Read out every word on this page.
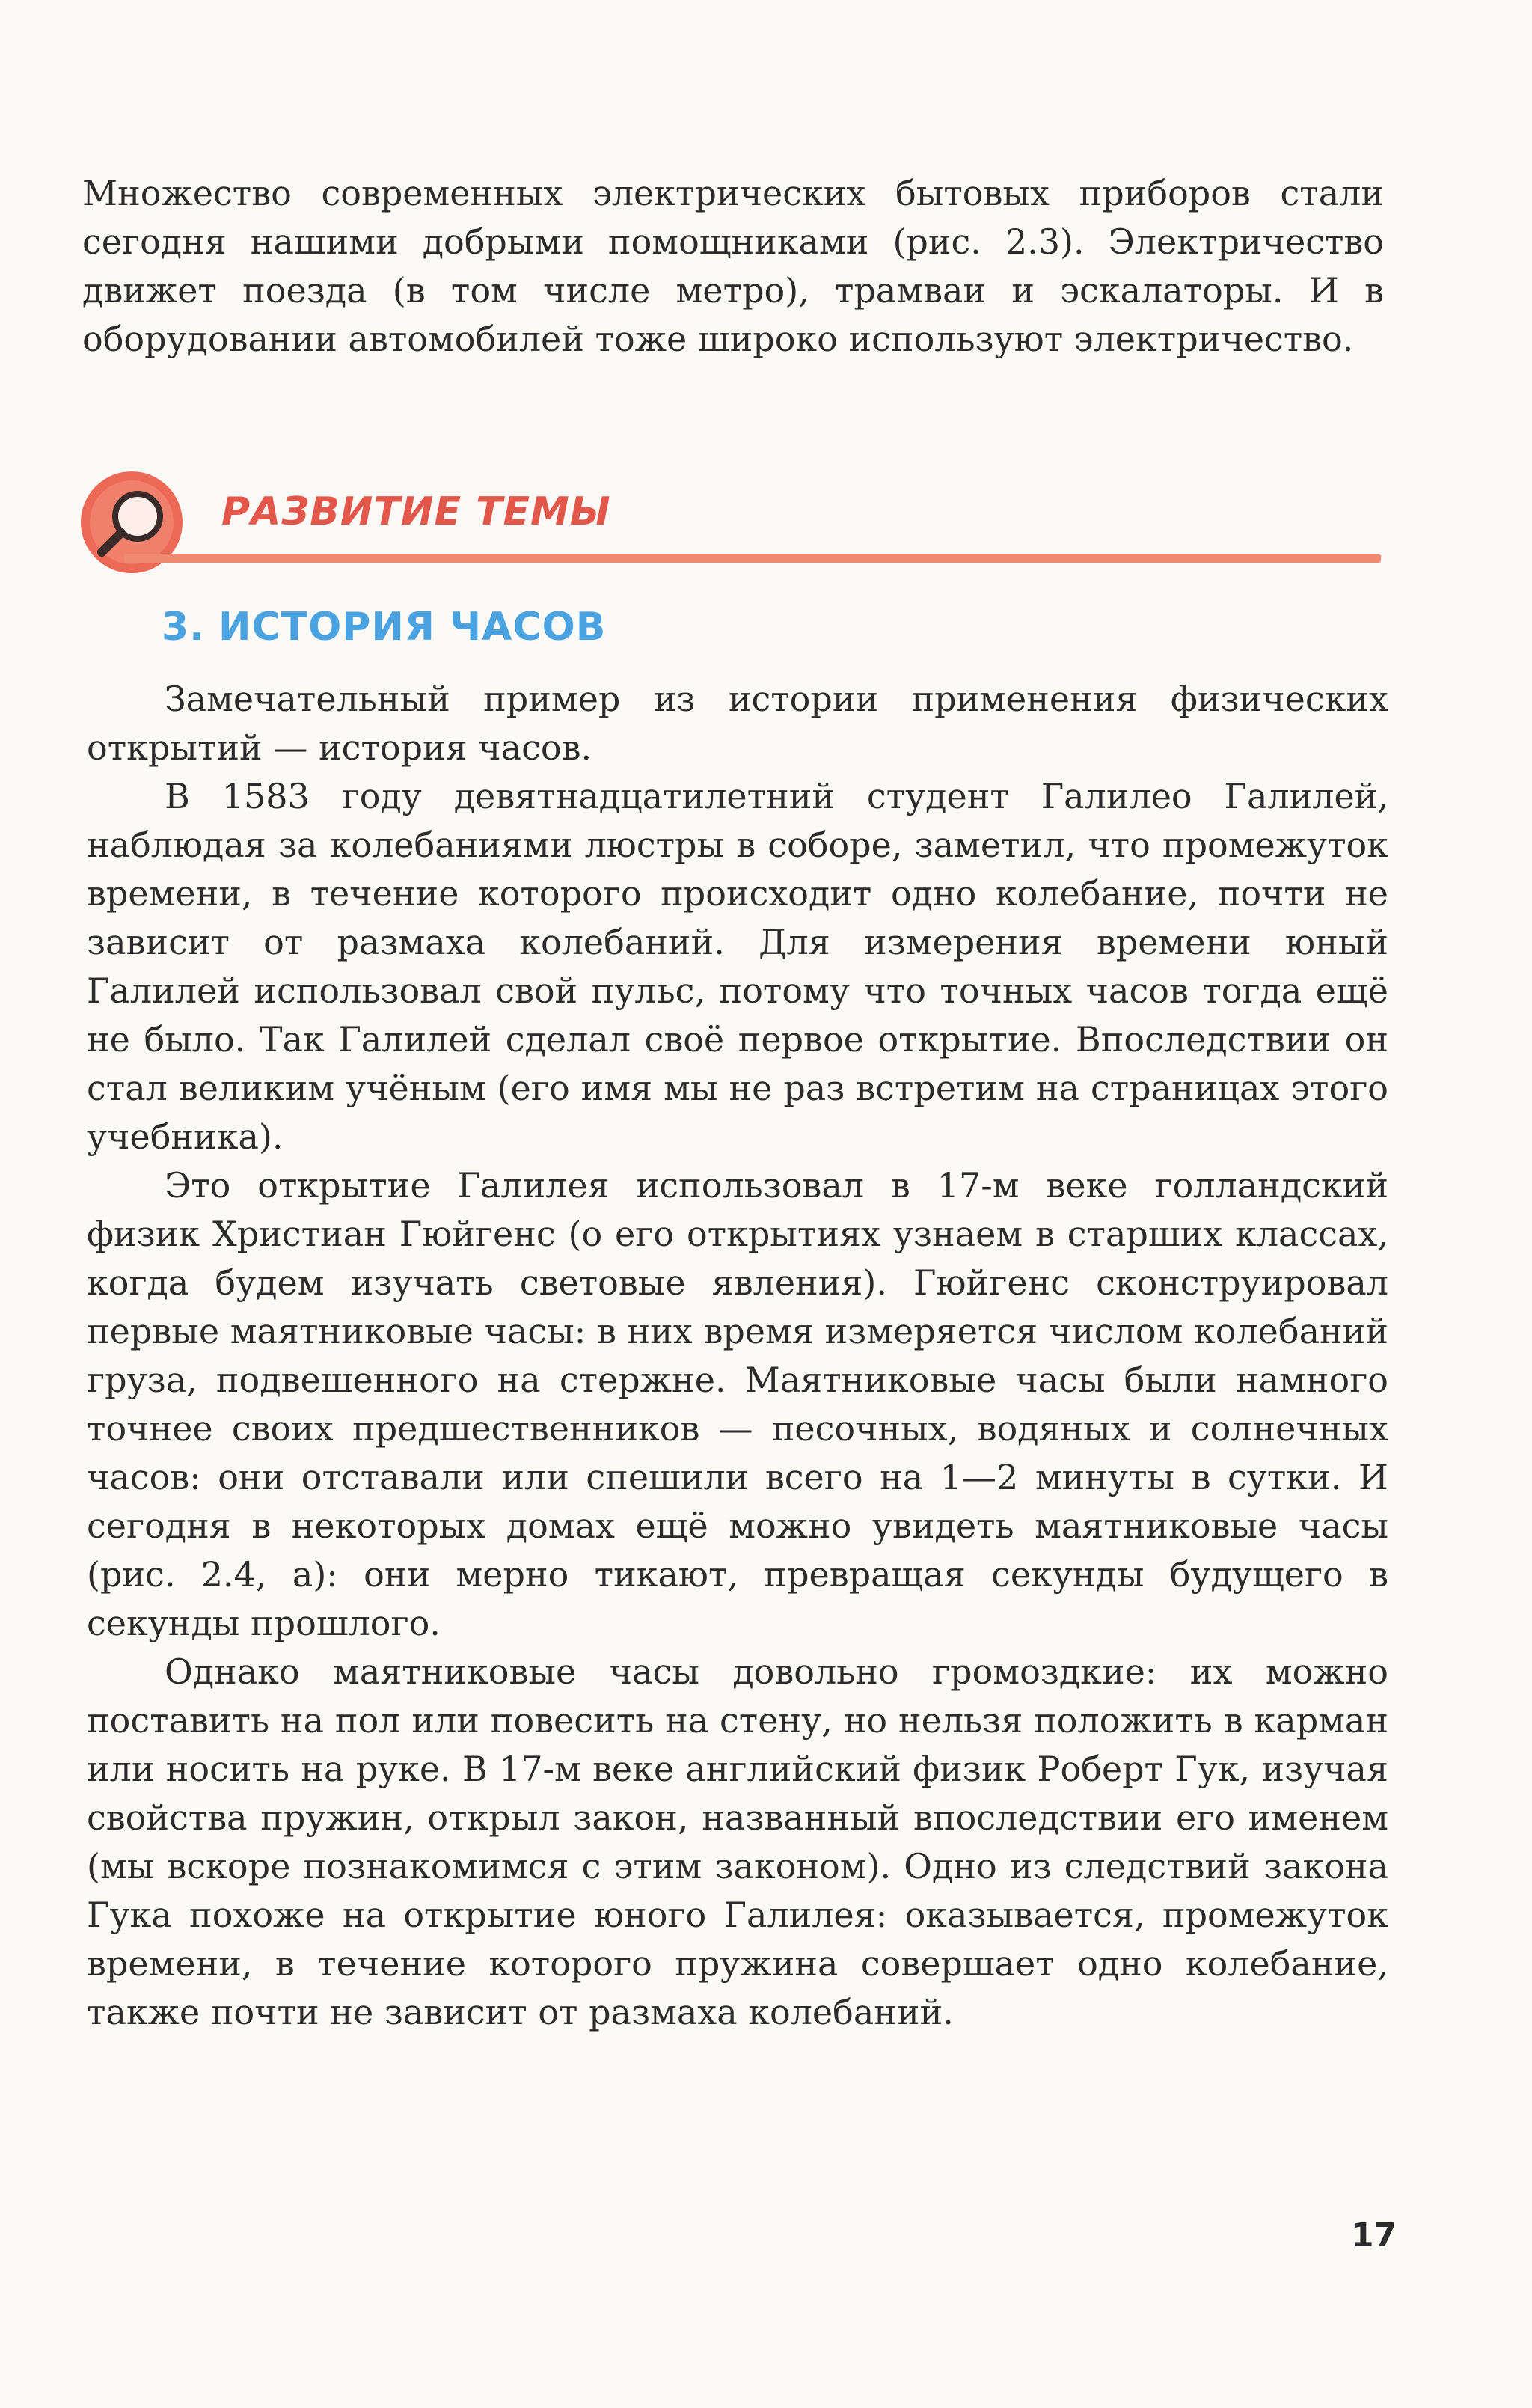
Множество современных электрических бытовых приборов стали сегодня нашими добрыми помощниками (рис. 2.3). Электричество движет поезда (в том числе метро), трамваи и эскалаторы. И в оборудовании автомобилей тоже широко используют электричество.

РАЗВИТИЕ ТЕМЫ
3. ИСТОРИЯ ЧАСОВ

Замечательный пример из истории применения физических открытий — история часов.

В 1583 году девятнадцатилетний студент Галилео Галилей, наблюдая за колебаниями люстры в соборе, заметил, что промежуток времени, в течение которого происходит одно колебание, почти не зависит от размаха колебаний. Для измерения времени юный Галилей использовал свой пульс, потому что точных часов тогда ещё не было. Так Галилей сделал своё первое открытие. Впоследствии он стал великим учёным (его имя мы не раз встретим на страницах этого учебника).

Это открытие Галилея использовал в 17-м веке голландский физик Христиан Гюйгенс (о его открытиях узнаем в старших классах, когда будем изучать световые явления). Гюйгенс сконструировал первые маятниковые часы: в них время измеряется числом колебаний груза, подвешенного на стержне. Маятниковые часы были намного точнее своих предшественников — песочных, водяных и солнечных часов: они отставали или спешили всего на 1—2 минуты в сутки. И сегодня в некоторых домах ещё можно увидеть маятниковые часы (рис. 2.4, а): они мерно тикают, превращая секунды будущего в секунды прошлого.

Однако маятниковые часы довольно громоздкие: их можно поставить на пол или повесить на стену, но нельзя положить в карман или носить на руке. В 17-м веке английский физик Роберт Гук, изучая свойства пружин, открыл закон, названный впоследствии его именем (мы вскоре познакомимся с этим законом). Одно из следствий закона Гука похоже на открытие юного Галилея: оказывается, промежуток времени, в течение которого пружина совершает одно колебание, также почти не зависит от размаха колебаний.

17
